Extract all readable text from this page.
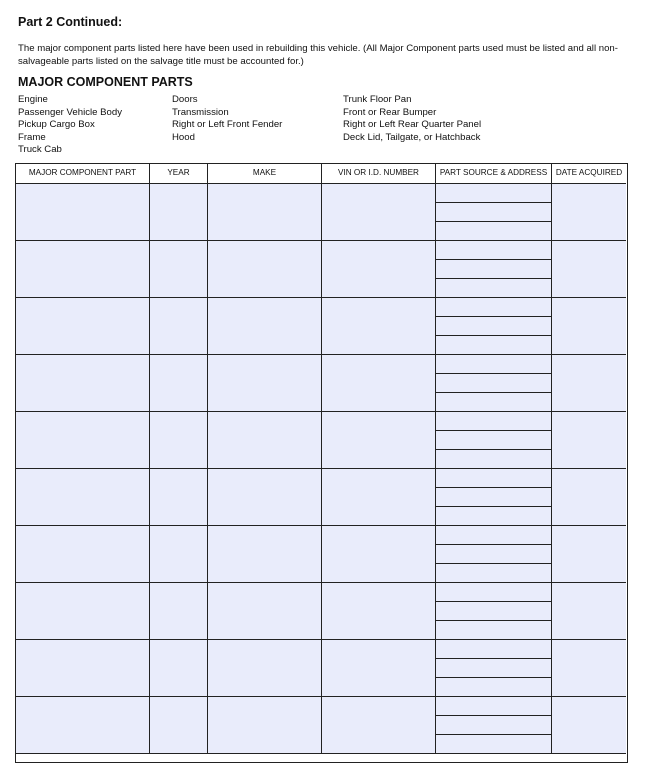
Part 2 Continued:

The major component parts listed here have been used in rebuilding this vehicle. (All Major Component parts used must be listed and all non-salvageable parts listed on the salvage title must be accounted for.)

MAJOR COMPONENT PARTS
Engine
Passenger Vehicle Body
Pickup Cargo Box
Frame
Truck Cab
Doors
Transmission
Right or Left Front Fender
Hood
Trunk Floor Pan
Front or Rear Bumper
Right or Left Rear Quarter Panel
Deck Lid, Tailgate, or Hatchback
MAJOR COMPONENT PART	YEAR	MAKE	VIN OR I.D. NUMBER	PART SOURCE & ADDRESS	DATE ACQUIRED
